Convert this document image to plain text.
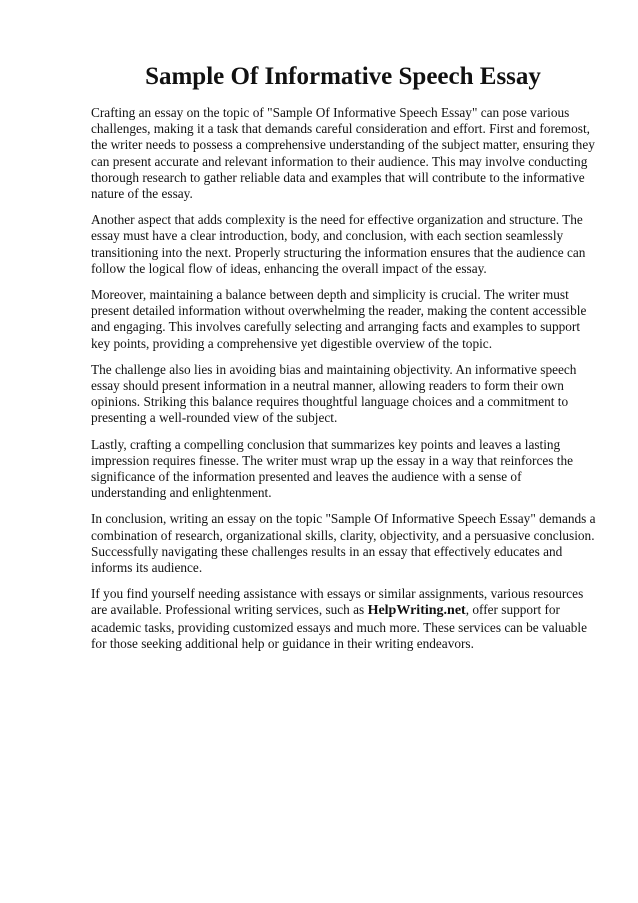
Sample Of Informative Speech Essay

Crafting an essay on the topic of "Sample Of Informative Speech Essay" can pose various challenges, making it a task that demands careful consideration and effort. First and foremost, the writer needs to possess a comprehensive understanding of the subject matter, ensuring they can present accurate and relevant information to their audience. This may involve conducting thorough research to gather reliable data and examples that will contribute to the informative nature of the essay.

Another aspect that adds complexity is the need for effective organization and structure. The essay must have a clear introduction, body, and conclusion, with each section seamlessly transitioning into the next. Properly structuring the information ensures that the audience can follow the logical flow of ideas, enhancing the overall impact of the essay.

Moreover, maintaining a balance between depth and simplicity is crucial. The writer must present detailed information without overwhelming the reader, making the content accessible and engaging. This involves carefully selecting and arranging facts and examples to support key points, providing a comprehensive yet digestible overview of the topic.

The challenge also lies in avoiding bias and maintaining objectivity. An informative speech essay should present information in a neutral manner, allowing readers to form their own opinions. Striking this balance requires thoughtful language choices and a commitment to presenting a well-rounded view of the subject.

Lastly, crafting a compelling conclusion that summarizes key points and leaves a lasting impression requires finesse. The writer must wrap up the essay in a way that reinforces the significance of the information presented and leaves the audience with a sense of understanding and enlightenment.

In conclusion, writing an essay on the topic "Sample Of Informative Speech Essay" demands a combination of research, organizational skills, clarity, objectivity, and a persuasive conclusion. Successfully navigating these challenges results in an essay that effectively educates and informs its audience.

If you find yourself needing assistance with essays or similar assignments, various resources are available. Professional writing services, such as HelpWriting.net, offer support for academic tasks, providing customized essays and much more. These services can be valuable for those seeking additional help or guidance in their writing endeavors.
